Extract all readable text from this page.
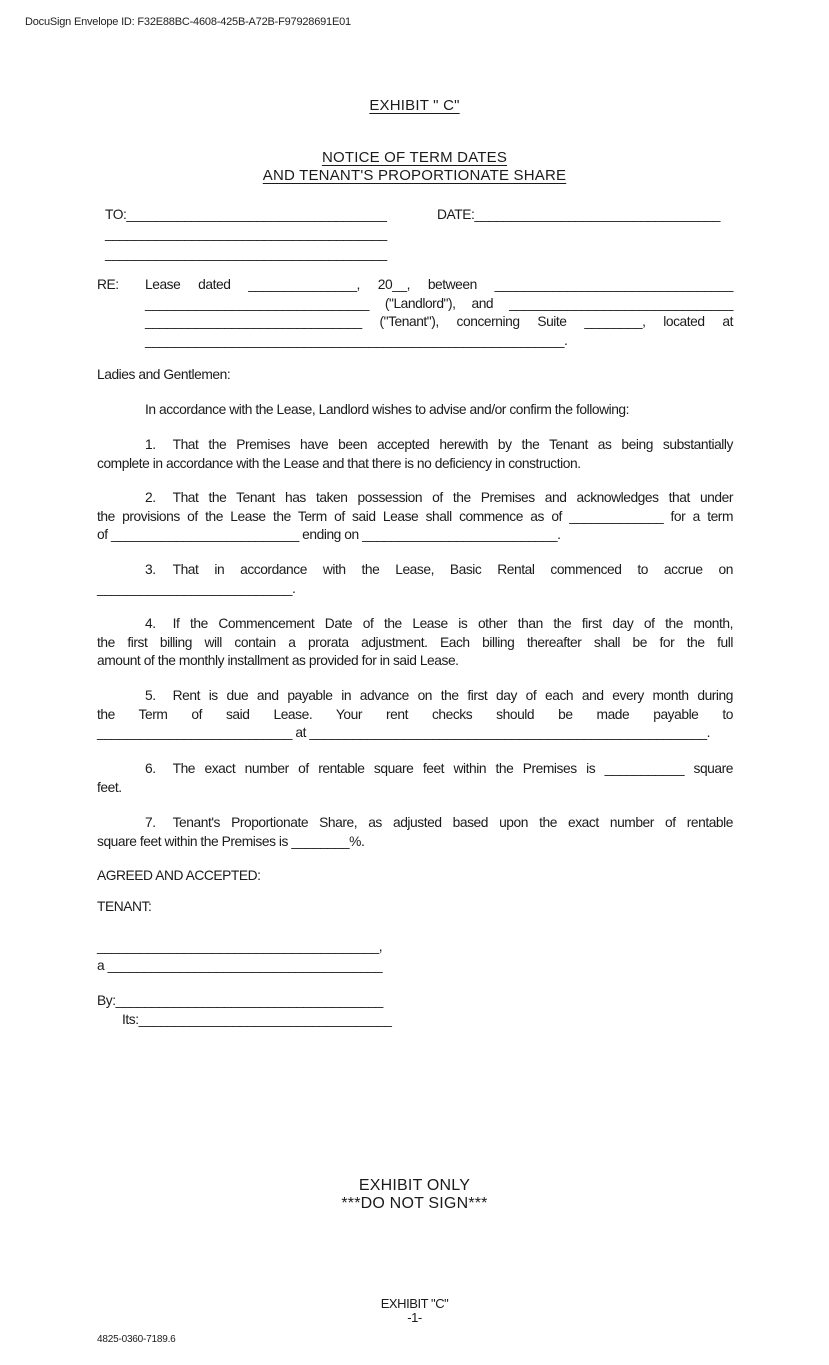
DocuSign Envelope ID: F32E88BC-4608-425B-A72B-F97928691E01
EXHIBIT " C"
NOTICE OF TERM DATES
AND TENANT'S PROPORTIONATE SHARE
TO:____________________________________	DATE:__________________________________
_______________________________________
_______________________________________
RE: Lease dated _______________, 20__, between _________________________________
_______________________________ ("Landlord"), and _______________________________
______________________________ ("Tenant"), concerning Suite ________, located at
__________________________________________________________.
Ladies and Gentlemen:
In accordance with the Lease, Landlord wishes to advise and/or confirm the following:
1. That the Premises have been accepted herewith by the Tenant as being substantially
complete in accordance with the Lease and that there is no deficiency in construction.
2. That the Tenant has taken possession of the Premises and acknowledges that under
the provisions of the Lease the Term of said Lease shall commence as of _____________ for a term
of __________________________ ending on ___________________________.
3. That in accordance with the Lease, Basic Rental commenced to accrue on
___________________________.
4. If the Commencement Date of the Lease is other than the first day of the month,
the first billing will contain a prorata adjustment. Each billing thereafter shall be for the full
amount of the monthly installment as provided for in said Lease.
5. Rent is due and payable in advance on the first day of each and every month during
the Term of said Lease. Your rent checks should be made payable to
___________________________ at _______________________________________________________.
6. The exact number of rentable square feet within the Premises is ___________ square
feet.
7. Tenant's Proportionate Share, as adjusted based upon the exact number of rentable
square feet within the Premises is ________%.
AGREED AND ACCEPTED:
TENANT:
_______________________________________,
a ______________________________________
By:_____________________________________
Its:___________________________________
EXHIBIT ONLY
***DO NOT SIGN***
EXHIBIT "C"
-1-
4825-0360-7189.6
